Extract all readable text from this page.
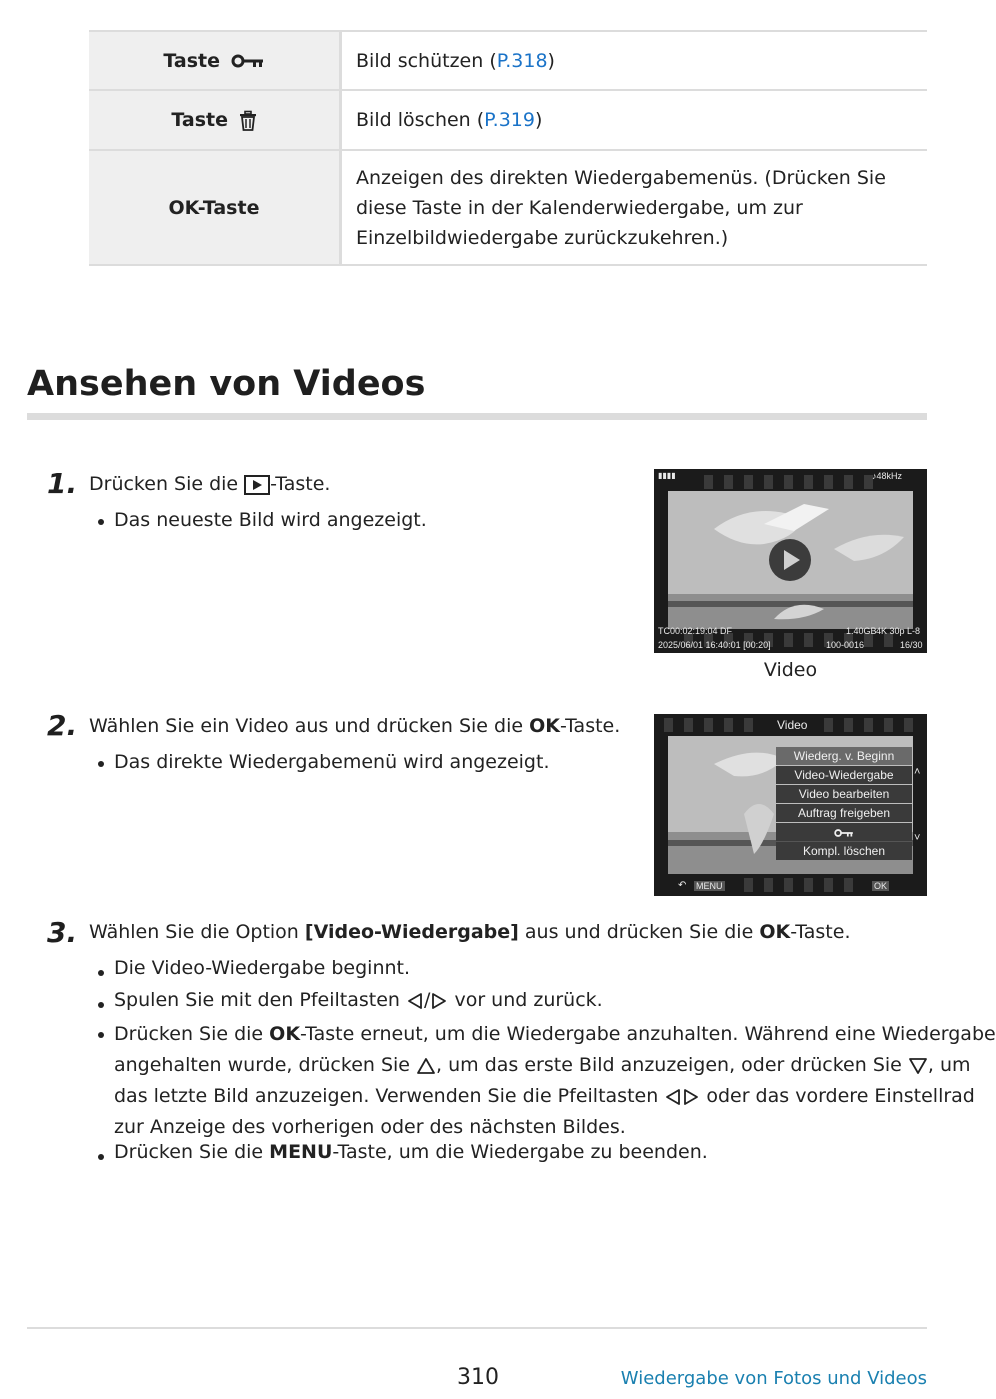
Taste	Bild schützen (P.318)
Taste	Bild löschen (P.319)
OK-Taste	Anzeigen des direkten Wiedergabemenüs. (Drücken Sie diese Taste in der Kalenderwiedergabe, um zur Einzelbildwiedergabe zurückzukehren.)
Ansehen von Videos
1. Drücken Sie die -Taste.
Das neueste Bild wird angezeigt.
▮▮▮▮	♪48kHz
TC00:02:19:04 DF	1.40GB 4K 30p L-8
2025/06/01 16:40:01 [00:20]	100-0016	16/30
Video
2. Wählen Sie ein Video aus und drücken Sie die OK-Taste.
Das direkte Wiedergabemenü wird angezeigt.
Video
Wiederg. v. Beginn
Video-Wiedergabe
Video bearbeiten
Auftrag freigeben
Kompl. löschen
˄
˅
↶ MENU	OK
3. Wählen Sie die Option [Video-Wiedergabe] aus und drücken Sie die OK-Taste.
Die Video-Wiedergabe beginnt.
Spulen Sie mit den Pfeiltasten / vor und zurück.
Drücken Sie die OK-Taste erneut, um die Wiedergabe anzuhalten. Während eine Wiedergabe
angehalten wurde, drücken Sie , um das erste Bild anzuzeigen, oder drücken Sie , um
das letzte Bild anzuzeigen. Verwenden Sie die Pfeiltasten  oder das vordere Einstellrad
zur Anzeige des vorherigen oder des nächsten Bildes.
Drücken Sie die MENU-Taste, um die Wiedergabe zu beenden.
310	Wiedergabe von Fotos und Videos
